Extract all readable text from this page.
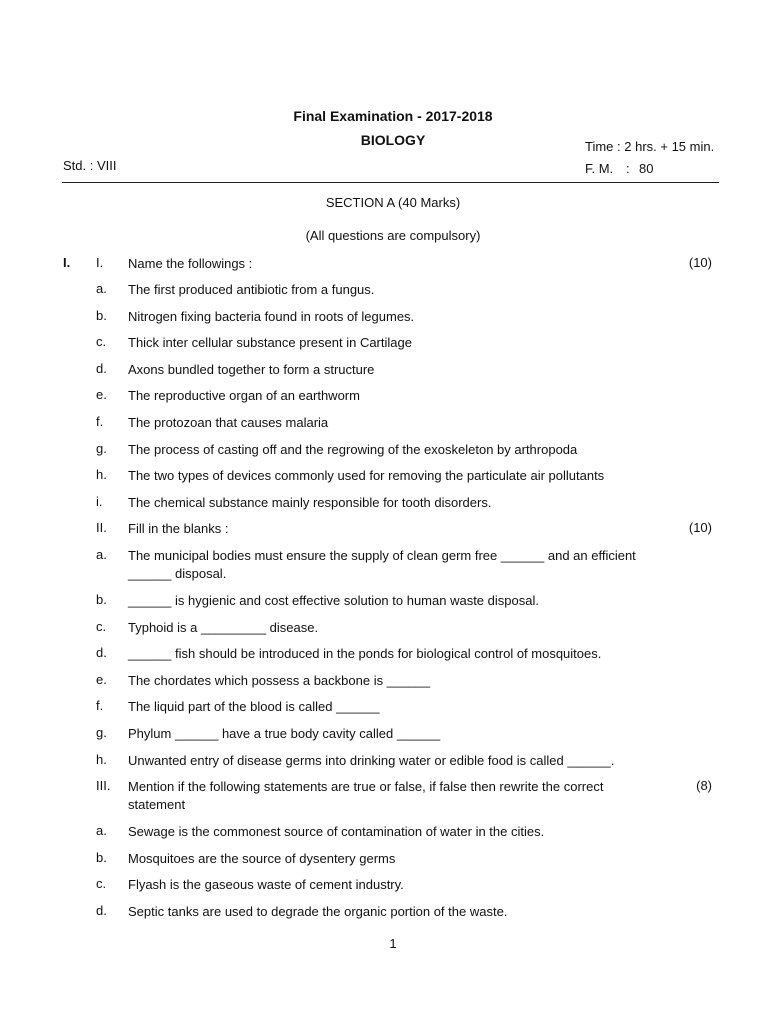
Final Examination - 2017-2018
BIOLOGY	Time : 2 hrs. + 15 min.
Std. : VIII	F. M. : 80
SECTION A (40 Marks)
(All questions are compulsory)
I. I. Name the followings :	(10)
a. The first produced antibiotic from a fungus.
b. Nitrogen fixing bacteria found in roots of legumes.
c. Thick inter cellular substance present in Cartilage
d. Axons bundled together to form a structure
e. The reproductive organ of an earthworm
f. The protozoan that causes malaria
g. The process of casting off and the regrowing of the exoskeleton by arthropoda
h. The two types of devices commonly used for removing the particulate air pollutants
i. The chemical substance mainly responsible for tooth disorders.
II. Fill in the blanks :	(10)
a. The municipal bodies must ensure the supply of clean germ free ______ and an efficient ______ disposal.
b. ______ is hygienic and cost effective solution to human waste disposal.
c. Typhoid is a _________ disease.
d. ______ fish should be introduced in the ponds for biological control of mosquitoes.
e. The chordates which possess a backbone is ______
f. The liquid part of the blood is called ______
g. Phylum ______ have a true body cavity called ______
h. Unwanted entry of disease germs into drinking water or edible food is called ______.
III. Mention if the following statements are true or false, if false then rewrite the correct statement
(8)
a. Sewage is the commonest source of contamination of water in the cities.
b. Mosquitoes are the source of dysentery germs
c. Flyash is the gaseous waste of cement industry.
d. Septic tanks are used to degrade the organic portion of the waste.
1
